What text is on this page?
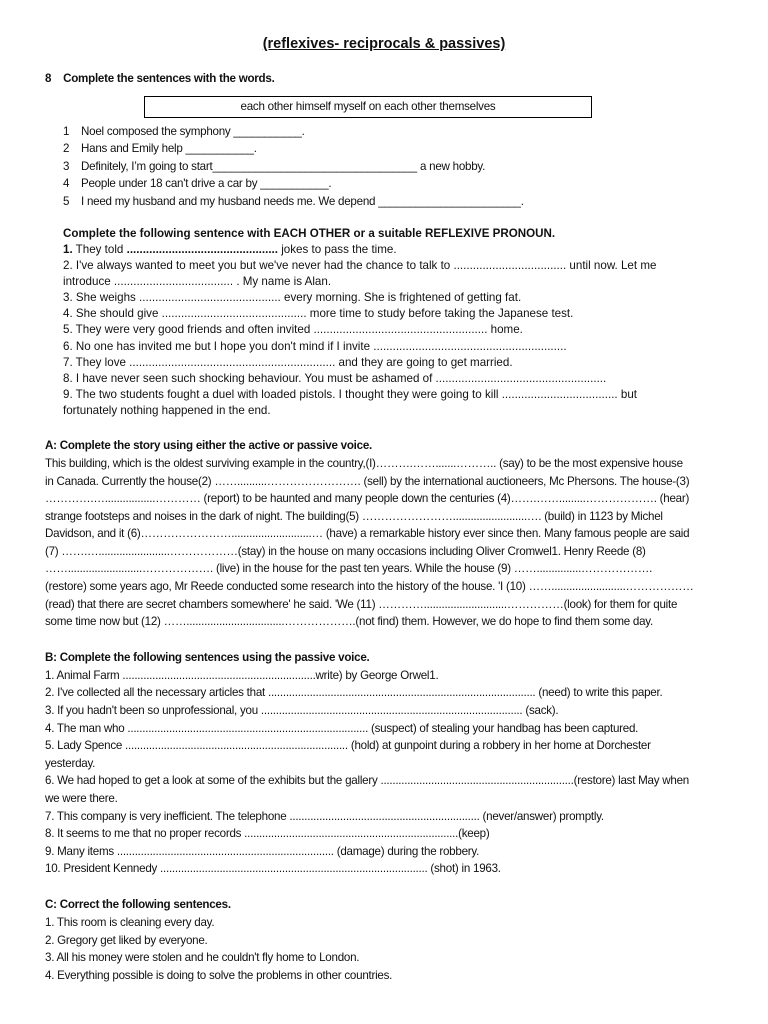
(reflexives- reciprocals & passives)
8 Complete the sentences with the words.
each other himself myself on each other themselves
1 Noel composed the symphony ___________.
2 Hans and Emily help ___________.
3 Definitely, I’m going to start_________________________________ a new hobby.
4 People under 18 can't drive a car by ___________.
5 I need my husband and my husband needs me. We depend _______________________.
Complete the following sentence with EACH OTHER or a suitable REFLEXIVE PRONOUN.
1. They told ............................................... jokes to pass the time.
2. I've always wanted to meet you but we've never had the chance to talk to ................................... until now. Let me
introduce ..................................... . My name is Alan.
3. She weighs ............................................ every morning. She is frightened of getting fat.
4. She should give ............................................. more time to study before taking the Japanese test.
5. They were very good friends and often invited ...................................................... home.
6. No one has invited me but I hope you don't mind if I invite ............................................................
7. They love ................................................................ and they are going to get married.
8. I have never seen such shocking behaviour. You must be ashamed of .....................................................
9. The two students fought a duel with loaded pistols. I thought they were going to kill .................................... but
fortunately nothing happened in the end.
A: Complete the story using either the active or passive voice.
This building, which is the oldest surviving example in the country,(I)……….…….......……….. (say) to be the most expensive house
in Canada. Currently the house(2) ……..........……………………. (sell) by the international auctioneers, Mc Phersons. The house-(3)
………….….................………… (report) to be haunted and many people down the centuries (4)…….…….........………………. (hear)
strange footsteps and noises in the dark of night. The building(5) …………………….........................…. (build) in 1123 by Michel
Davidson, and it (6)……………………...........................… (have) a remarkable history ever since then. Many famous people are said
(7) …….…........................………………(stay) in the house on many occasions including Oliver Cromwel1. Henry Reede (8)
…….........................………………. (live) in the house for the past ten years. While the house (9) ……...............……………….
(restore) some years ago, Mr Reede conducted some research into the history of the house. 'I (10) …….........................………………
(read) that there are secret chambers somewhere' he said. 'We (11) …………............................……………(look) for them for quite
some time now but (12) …….................................……………….(not find) them. However, we do hope to find them some day.
B: Complete the following sentences using the passive voice.
1. Animal Farm .................................................................write) by George Orwel1.
2. I've collected all the necessary articles that .......................................................................................... (need) to write this paper.
3. If you hadn't been so unprofessional, you ........................................................................................ (sack).
4. The man who ................................................................................. (suspect) of stealing your handbag has been captured.
5. Lady Spence ........................................................................... (hold) at gunpoint during a robbery in her home at Dorchester
yesterday.
6. We had hoped to get a look at some of the exhibits but the gallery .................................................................(restore) last May when
we were there.
7. This company is very inefficient. The telephone ................................................................ (never/answer) promptly.
8. It seems to me that no proper records ........................................................................(keep)
9. Many items ......................................................................... (damage) during the robbery.
10. President Kennedy .......................................................................................... (shot) in 1963.
C: Correct the following sentences.
1. This room is cleaning every day.
2. Gregory get liked by everyone.
3. All his money were stolen and he couldn't fly home to London.
4. Everything possible is doing to solve the problems in other countries.
